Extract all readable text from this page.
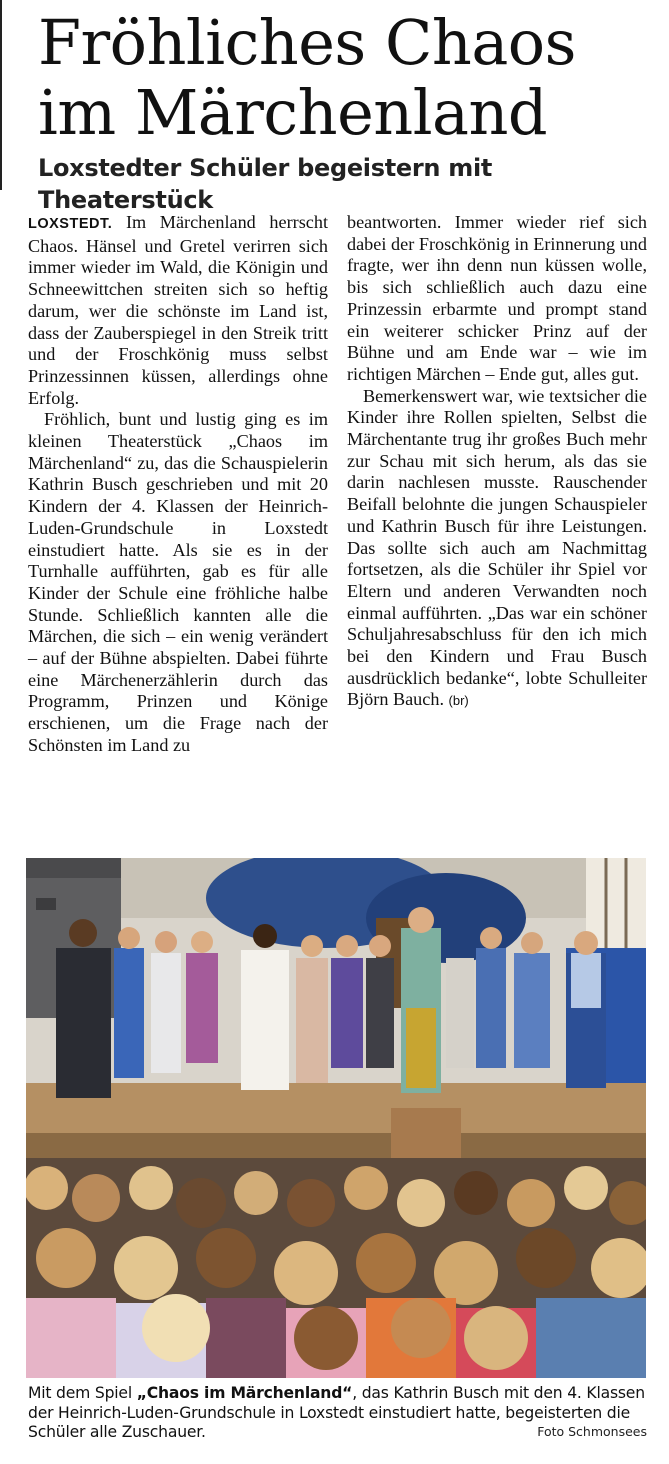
Fröhliches Chaos
im Märchenland
Loxstedter Schüler begeistern mit Theaterstück

LOXSTEDT. Im Märchenland herrscht Chaos. Hänsel und Gretel verirren sich immer wieder im Wald, die Königin und Schneewittchen streiten sich so heftig darum, wer die schönste im Land ist, dass der Zauberspiegel in den Streik tritt und der Froschkönig muss selbst Prinzessinnen küssen, allerdings ohne Erfolg.

Fröhlich, bunt und lustig ging es im kleinen Theaterstück „Chaos im Märchenland“ zu, das die Schauspielerin Kathrin Busch geschrieben und mit 20 Kindern der 4. Klassen der Heinrich-Luden-Grundschule in Loxstedt einstudiert hatte. Als sie es in der Turnhalle aufführten, gab es für alle Kinder der Schule eine fröhliche halbe Stunde. Schließlich kannten alle die Märchen, die sich – ein wenig verändert – auf der Bühne abspielten. Dabei führte eine Märchenerzählerin durch das Programm, Prinzen und Könige erschienen, um die Frage nach der Schönsten im Land zu

beantworten. Immer wieder rief sich dabei der Froschkönig in Erinnerung und fragte, wer ihn denn nun küssen wolle, bis sich schließlich auch dazu eine Prinzessin erbarmte und prompt stand ein weiterer schicker Prinz auf der Bühne und am Ende war – wie im richtigen Märchen – Ende gut, alles gut.

Bemerkenswert war, wie textsicher die Kinder ihre Rollen spielten, Selbst die Märchentante trug ihr großes Buch mehr zur Schau mit sich herum, als das sie darin nachlesen musste. Rauschender Beifall belohnte die jungen Schauspieler und Kathrin Busch für ihre Leistungen. Das sollte sich auch am Nachmittag fortsetzen, als die Schüler ihr Spiel vor Eltern und anderen Verwandten noch einmal aufführten. „Das war ein schöner Schuljahresabschluss für den ich mich bei den Kindern und Frau Busch ausdrücklich bedanke“, lobte Schulleiter Björn Bauch. (br)

Mit dem Spiel „Chaos im Märchenland“, das Kathrin Busch mit den 4. Klassen der Heinrich-Luden-Grundschule in Loxstedt einstudiert hatte, begeisterten die Schüler alle Zuschauer.	Foto Schmonsees
